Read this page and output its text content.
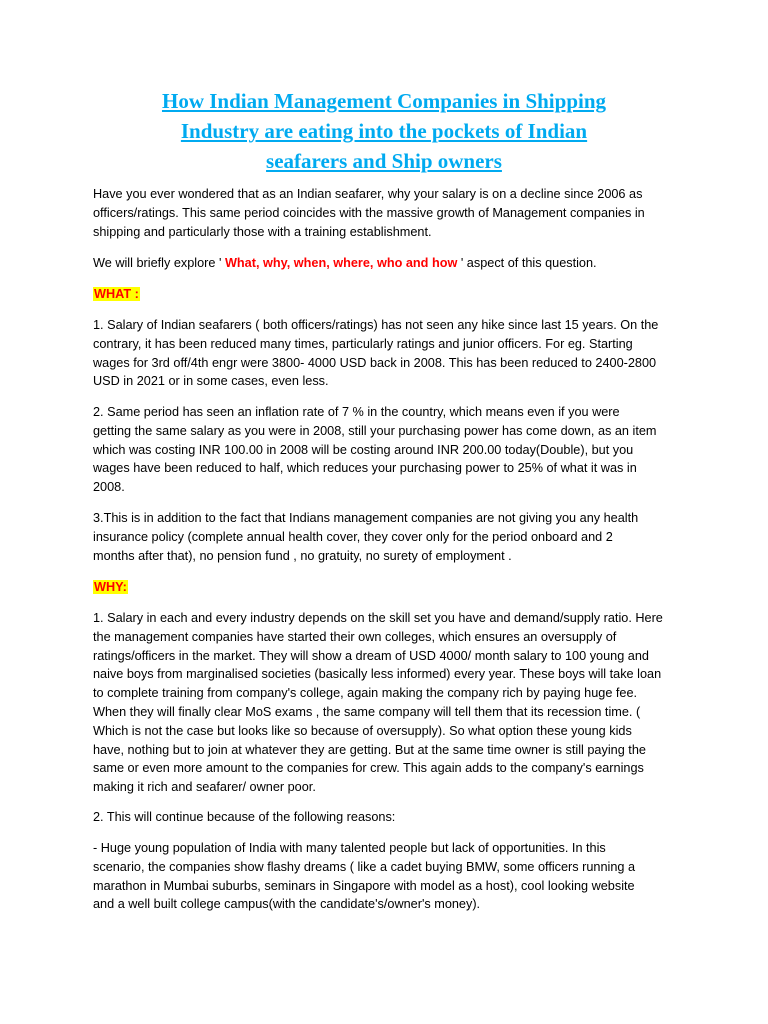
How Indian Management Companies in Shipping
Industry are eating into the pockets of Indian
seafarers and Ship owners
Have you ever wondered that as an Indian seafarer, why your salary is on a decline since 2006 as
officers/ratings. This same period coincides with the massive growth of Management companies in
shipping and particularly those with a training establishment.
We will briefly explore ' What, why, when, where, who and how ' aspect of this question.
WHAT :
1. Salary of Indian seafarers ( both officers/ratings) has not seen any hike since last 15 years. On the
contrary, it has been reduced many times, particularly ratings and junior officers. For eg. Starting
wages for 3rd off/4th engr were 3800- 4000 USD back in 2008. This has been reduced to 2400-2800
USD in 2021 or in some cases, even less.
2. Same period has seen an inflation rate of 7 % in the country, which means even if you were
getting the same salary as you were in 2008, still your purchasing power has come down, as an item
which was costing INR 100.00 in 2008 will be costing around INR 200.00 today(Double), but you
wages have been reduced to half, which reduces your purchasing power to 25% of what it was in
2008.
3.This is in addition to the fact that Indians management companies are not giving you any health
insurance policy (complete annual health cover, they cover only for the period onboard and 2
months after that), no pension fund , no gratuity, no surety of employment .
WHY:
1. Salary in each and every industry depends on the skill set you have and demand/supply ratio. Here
the management companies have started their own colleges, which ensures an oversupply of
ratings/officers in the market. They will show a dream of USD 4000/ month salary to 100 young and
naive boys from marginalised societies (basically less informed) every year. These boys will take loan
to complete training from company's college, again making the company rich by paying huge fee.
When they will finally clear MoS exams , the same company will tell them that its recession time. (
Which is not the case but looks like so because of oversupply). So what option these young kids
have, nothing but to join at whatever they are getting. But at the same time owner is still paying the
same or even more amount to the companies for crew. This again adds to the company's earnings
making it rich and seafarer/ owner poor.
2. This will continue because of the following reasons:
- Huge young population of India with many talented people but lack of opportunities. In this
scenario, the companies show flashy dreams ( like a cadet buying BMW, some officers running a
marathon in Mumbai suburbs, seminars in Singapore with model as a host), cool looking website
and a well built college campus(with the candidate's/owner's money).
